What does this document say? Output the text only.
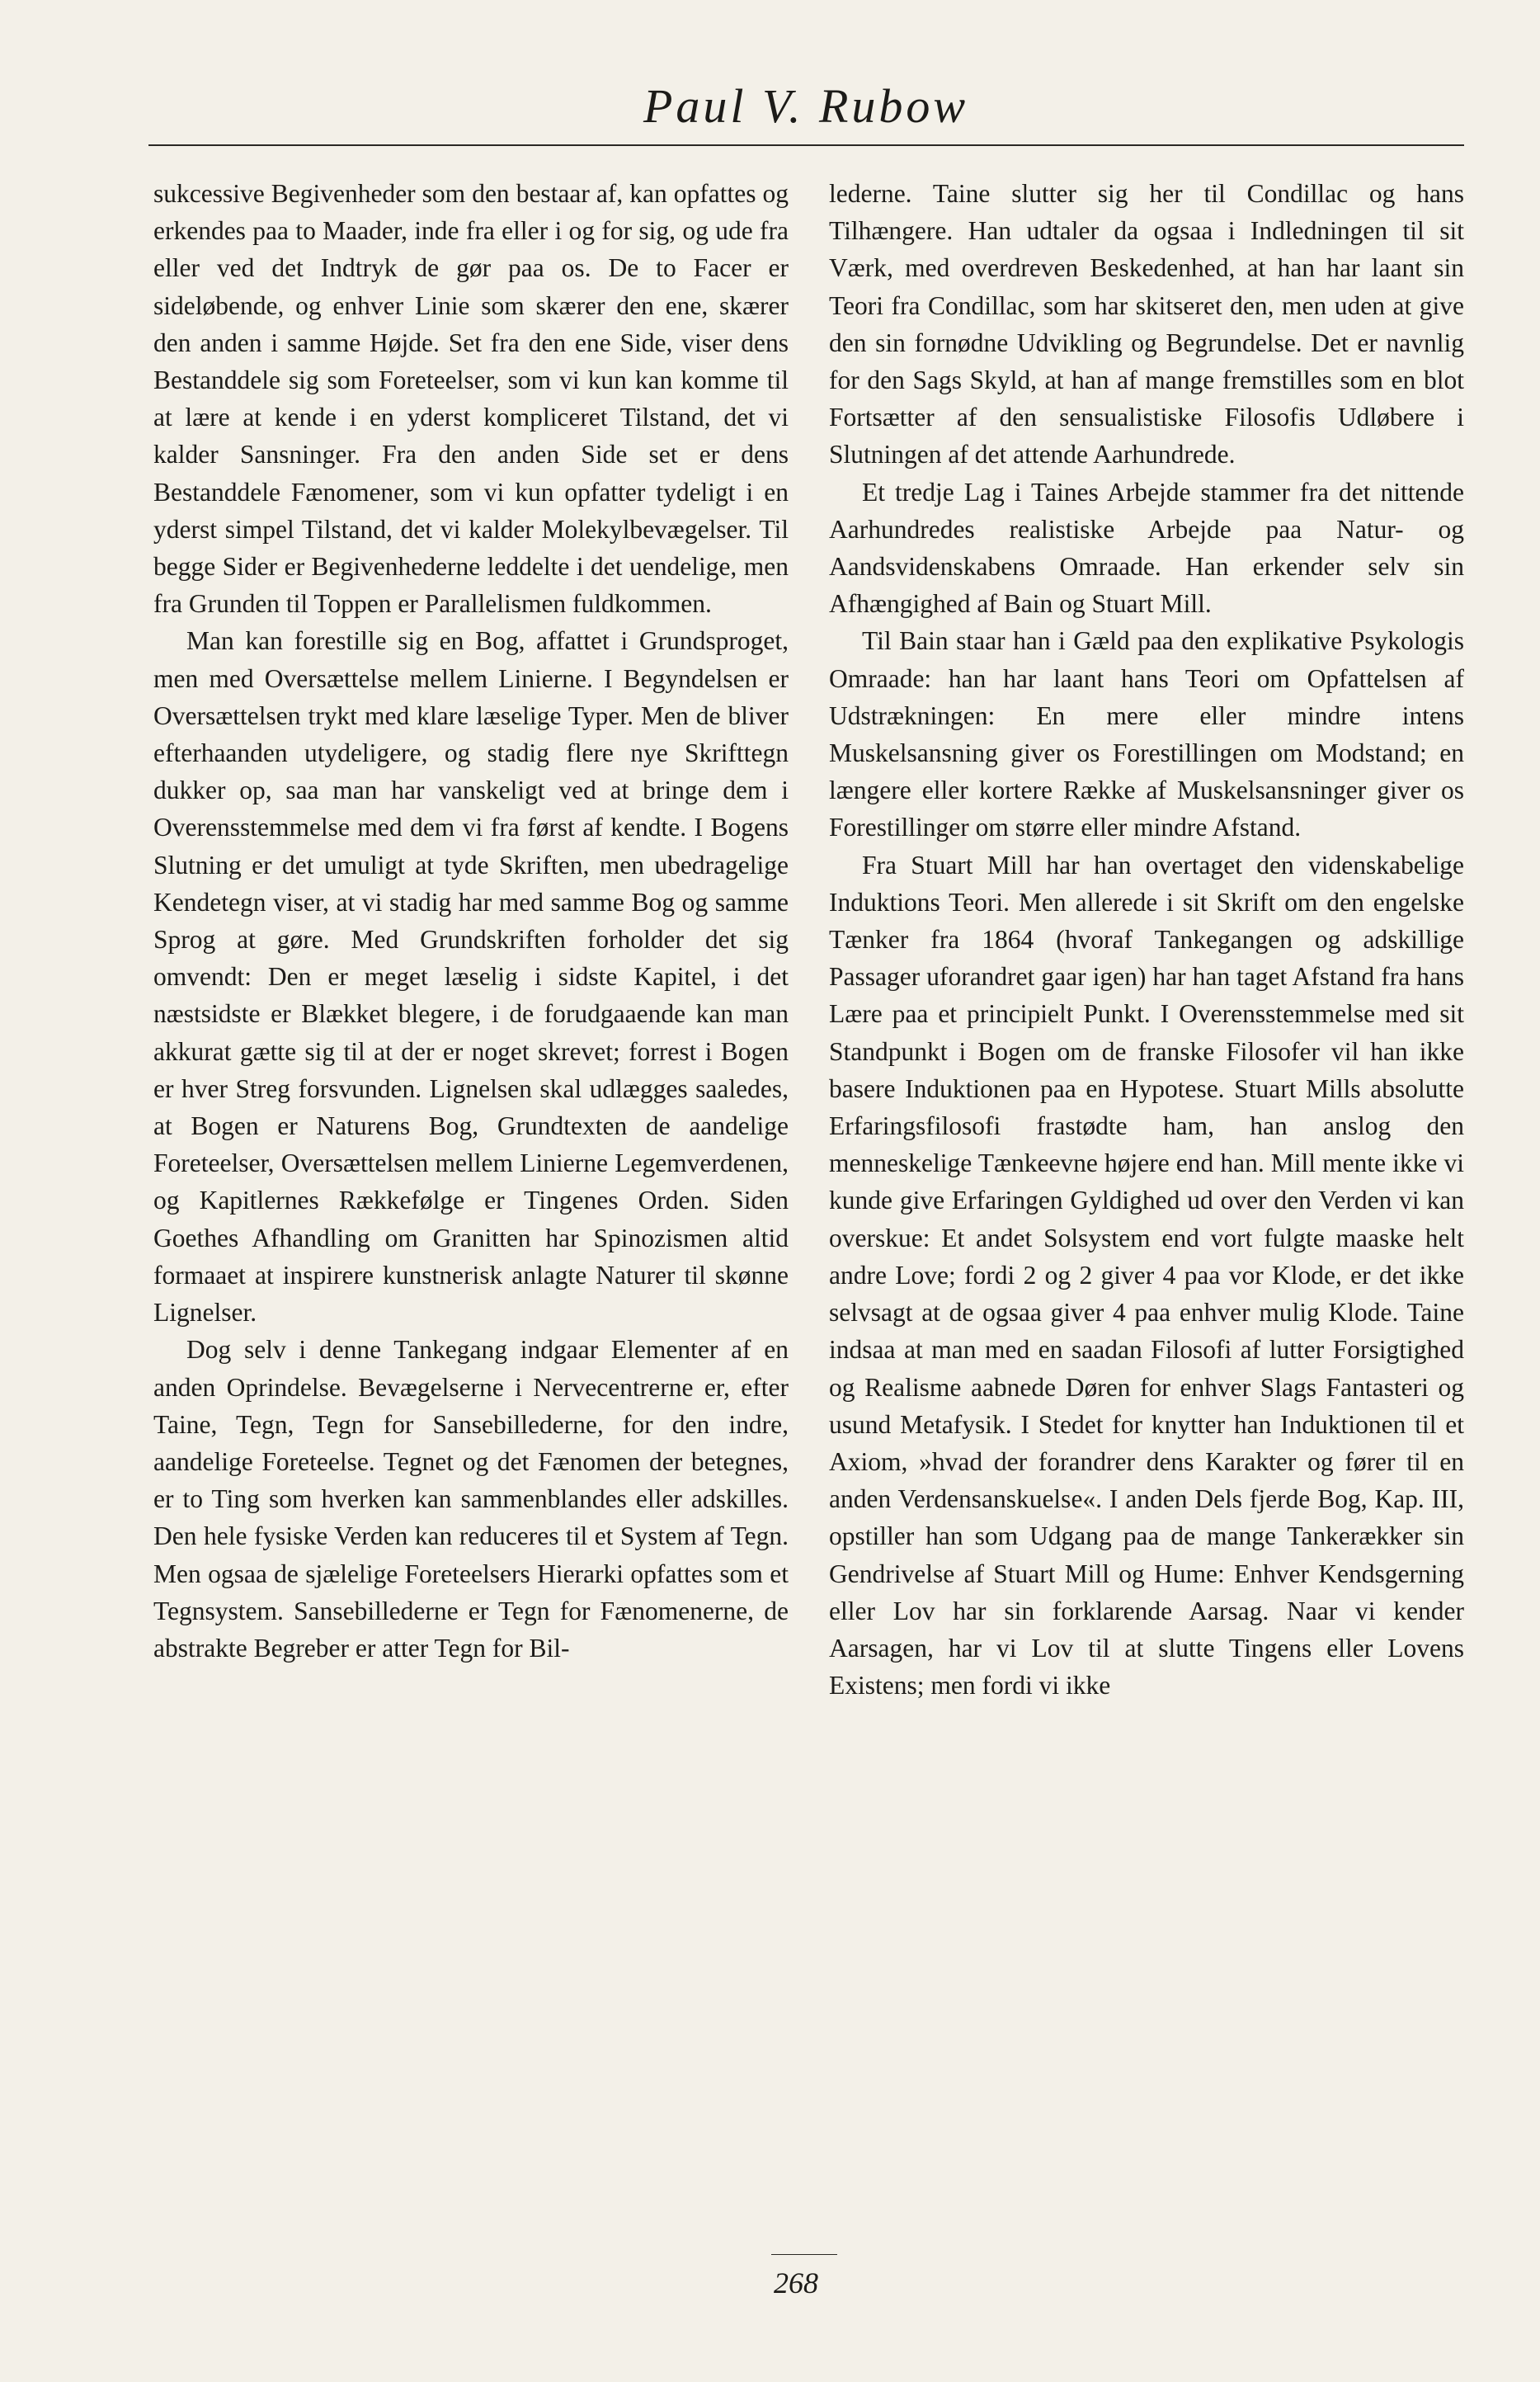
Paul V. Rubow

sukcessive Begivenheder som den bestaar af, kan opfattes og erkendes paa to Maader, inde fra eller i og for sig, og ude fra eller ved det Indtryk de gør paa os. De to Facer er sideløbende, og enhver Linie som skærer den ene, skærer den anden i samme Højde. Set fra den ene Side, viser dens Bestanddele sig som Foreteelser, som vi kun kan komme til at lære at kende i en yderst kompliceret Tilstand, det vi kalder Sansninger. Fra den anden Side set er dens Bestanddele Fænomener, som vi kun opfatter tydeligt i en yderst simpel Tilstand, det vi kalder Molekylbevægelser. Til begge Sider er Begivenhederne leddelte i det uendelige, men fra Grunden til Toppen er Parallelismen fuldkommen.

Man kan forestille sig en Bog, affattet i Grundsproget, men med Oversættelse mellem Linierne. I Begyndelsen er Oversættelsen trykt med klare læselige Typer. Men de bliver efterhaanden utydeligere, og stadig flere nye Skrifttegn dukker op, saa man har vanskeligt ved at bringe dem i Overensstemmelse med dem vi fra først af kendte. I Bogens Slutning er det umuligt at tyde Skriften, men ubedragelige Kendetegn viser, at vi stadig har med samme Bog og samme Sprog at gøre. Med Grundskriften forholder det sig omvendt: Den er meget læselig i sidste Kapitel, i det næstsidste er Blækket blegere, i de forudgaaende kan man akkurat gætte sig til at der er noget skrevet; forrest i Bogen er hver Streg forsvunden. Lignelsen skal udlægges saaledes, at Bogen er Naturens Bog, Grundtexten de aandelige Foreteelser, Oversættelsen mellem Linierne Legemverdenen, og Kapitlernes Rækkefølge er Tingenes Orden. Siden Goethes Afhandling om Granitten har Spinozismen altid formaaet at inspirere kunstnerisk anlagte Naturer til skønne Lignelser.

Dog selv i denne Tankegang indgaar Elementer af en anden Oprindelse. Bevægelserne i Nervecentrerne er, efter Taine, Tegn, Tegn for Sansebillederne, for den indre, aandelige Foreteelse. Tegnet og det Fænomen der betegnes, er to Ting som hverken kan sammenblandes eller adskilles. Den hele fysiske Verden kan reduceres til et System af Tegn. Men ogsaa de sjælelige Foreteelsers Hierarki opfattes som et Tegnsystem. Sansebillederne er Tegn for Fænomenerne, de abstrakte Begreber er atter Tegn for Bil-

lederne. Taine slutter sig her til Condillac og hans Tilhængere. Han udtaler da ogsaa i Indledningen til sit Værk, med overdreven Beskedenhed, at han har laant sin Teori fra Condillac, som har skitseret den, men uden at give den sin fornødne Udvikling og Begrundelse. Det er navnlig for den Sags Skyld, at han af mange fremstilles som en blot Fortsætter af den sensualistiske Filosofis Udløbere i Slutningen af det attende Aarhundrede.

Et tredje Lag i Taines Arbejde stammer fra det nittende Aarhundredes realistiske Arbejde paa Natur- og Aandsvidenskabens Omraade. Han erkender selv sin Afhængighed af Bain og Stuart Mill.

Til Bain staar han i Gæld paa den explikative Psykologis Omraade: han har laant hans Teori om Opfattelsen af Udstrækningen: En mere eller mindre intens Muskelsansning giver os Forestillingen om Modstand; en længere eller kortere Række af Muskelsansninger giver os Forestillinger om større eller mindre Afstand.

Fra Stuart Mill har han overtaget den videnskabelige Induktions Teori. Men allerede i sit Skrift om den engelske Tænker fra 1864 (hvoraf Tankegangen og adskillige Passager uforandret gaar igen) har han taget Afstand fra hans Lære paa et principielt Punkt. I Overensstemmelse med sit Standpunkt i Bogen om de franske Filosofer vil han ikke basere Induktionen paa en Hypotese. Stuart Mills absolutte Erfaringsfilosofi frastødte ham, han anslog den menneskelige Tænkeevne højere end han. Mill mente ikke vi kunde give Erfaringen Gyldighed ud over den Verden vi kan overskue: Et andet Solsystem end vort fulgte maaske helt andre Love; fordi 2 og 2 giver 4 paa vor Klode, er det ikke selvsagt at de ogsaa giver 4 paa enhver mulig Klode. Taine indsaa at man med en saadan Filosofi af lutter Forsigtighed og Realisme aabnede Døren for enhver Slags Fantasteri og usund Metafysik. I Stedet for knytter han Induktionen til et Axiom, »hvad der forandrer dens Karakter og fører til en anden Verdensanskuelse«. I anden Dels fjerde Bog, Kap. III, opstiller han som Udgang paa de mange Tankerækker sin Gendrivelse af Stuart Mill og Hume: Enhver Kendsgerning eller Lov har sin forklarende Aarsag. Naar vi kender Aarsagen, har vi Lov til at slutte Tingens eller Lovens Existens; men fordi vi ikke

268
